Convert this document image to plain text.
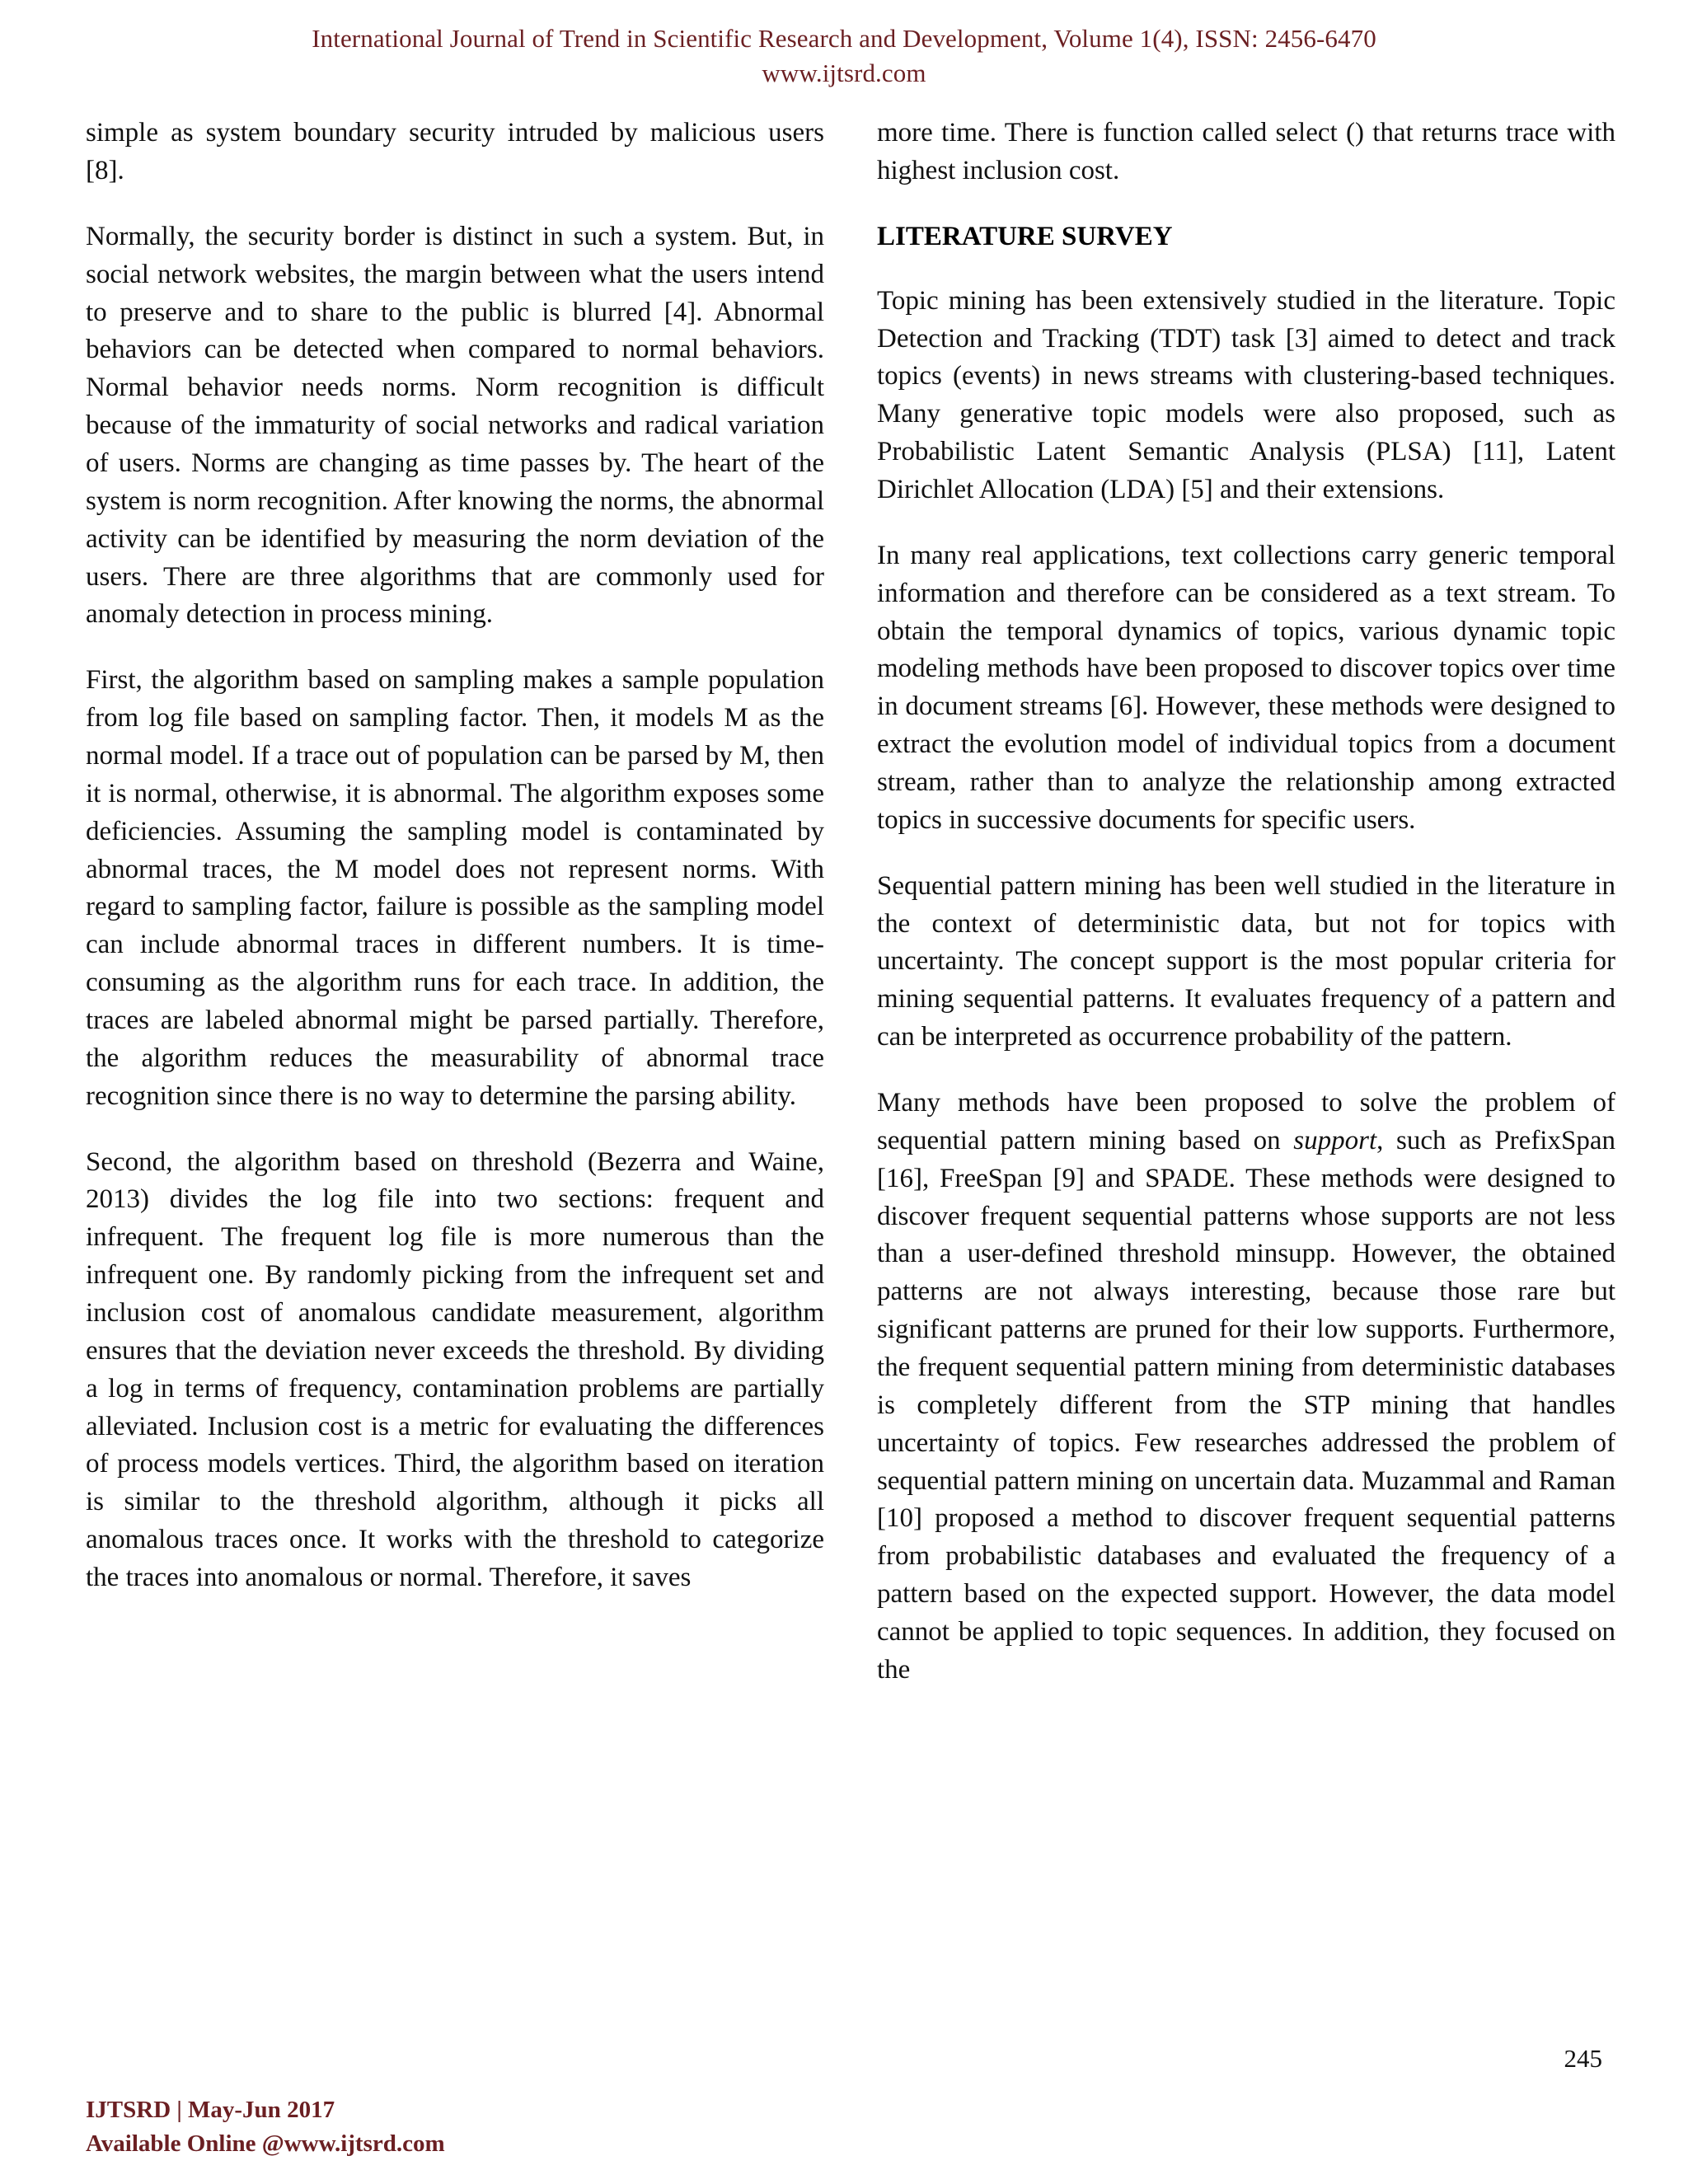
International Journal of Trend in Scientific Research and Development, Volume 1(4), ISSN: 2456-6470
www.ijtsrd.com

simple as system boundary security intruded by malicious users [8].

Normally, the security border is distinct in such a system. But, in social network websites, the margin between what the users intend to preserve and to share to the public is blurred [4]. Abnormal behaviors can be detected when compared to normal behaviors. Normal behavior needs norms. Norm recognition is difficult because of the immaturity of social networks and radical variation of users. Norms are changing as time passes by. The heart of the system is norm recognition. After knowing the norms, the abnormal activity can be identified by measuring the norm deviation of the users. There are three algorithms that are commonly used for anomaly detection in process mining.

First, the algorithm based on sampling makes a sample population from log file based on sampling factor. Then, it models M as the normal model. If a trace out of population can be parsed by M, then it is normal, otherwise, it is abnormal. The algorithm exposes some deficiencies. Assuming the sampling model is contaminated by abnormal traces, the M model does not represent norms. With regard to sampling factor, failure is possible as the sampling model can include abnormal traces in different numbers. It is time-consuming as the algorithm runs for each trace. In addition, the traces are labeled abnormal might be parsed partially. Therefore, the algorithm reduces the measurability of abnormal trace recognition since there is no way to determine the parsing ability.

Second, the algorithm based on threshold (Bezerra and Waine, 2013) divides the log file into two sections: frequent and infrequent. The frequent log file is more numerous than the infrequent one. By randomly picking from the infrequent set and inclusion cost of anomalous candidate measurement, algorithm ensures that the deviation never exceeds the threshold. By dividing a log in terms of frequency, contamination problems are partially alleviated. Inclusion cost is a metric for evaluating the differences of process models vertices. Third, the algorithm based on iteration is similar to the threshold algorithm, although it picks all anomalous traces once. It works with the threshold to categorize the traces into anomalous or normal. Therefore, it saves

more time. There is function called select () that returns trace with highest inclusion cost.

LITERATURE SURVEY

Topic mining has been extensively studied in the literature. Topic Detection and Tracking (TDT) task [3] aimed to detect and track topics (events) in news streams with clustering-based techniques. Many generative topic models were also proposed, such as Probabilistic Latent Semantic Analysis (PLSA) [11], Latent Dirichlet Allocation (LDA) [5] and their extensions.

In many real applications, text collections carry generic temporal information and therefore can be considered as a text stream. To obtain the temporal dynamics of topics, various dynamic topic modeling methods have been proposed to discover topics over time in document streams [6]. However, these methods were designed to extract the evolution model of individual topics from a document stream, rather than to analyze the relationship among extracted topics in successive documents for specific users.

Sequential pattern mining has been well studied in the literature in the context of deterministic data, but not for topics with uncertainty. The concept support is the most popular criteria for mining sequential patterns. It evaluates frequency of a pattern and can be interpreted as occurrence probability of the pattern.

Many methods have been proposed to solve the problem of sequential pattern mining based on support, such as PrefixSpan [16], FreeSpan [9] and SPADE. These methods were designed to discover frequent sequential patterns whose supports are not less than a user-defined threshold minsupp. However, the obtained patterns are not always interesting, because those rare but significant patterns are pruned for their low supports. Furthermore, the frequent sequential pattern mining from deterministic databases is completely different from the STP mining that handles uncertainty of topics. Few researches addressed the problem of sequential pattern mining on uncertain data. Muzammal and Raman [10] proposed a method to discover frequent sequential patterns from probabilistic databases and evaluated the frequency of a pattern based on the expected support. However, the data model cannot be applied to topic sequences. In addition, they focused on the

245
IJTSRD | May-Jun 2017
Available Online @www.ijtsrd.com
